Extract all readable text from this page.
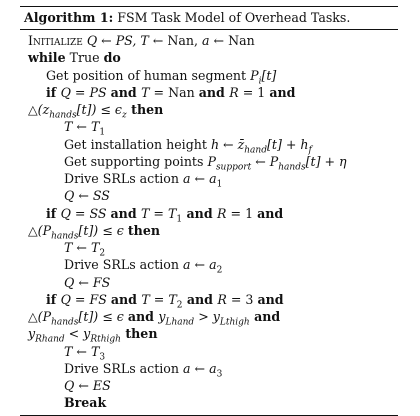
Algorithm 1: FSM Task Model of Overhead Tasks.
Initialize Q ← PS, T ← Nan, a ← Nan
while True do
Get position of human segment $P_i[t]$
if Q = PS and T = Nan and R = 1 and
$\triangle(z_{hands}[t]) \le \epsilon_z$ then
T ← $T_1$
Get installation height h ← $z̄_{hand}[t] + h_f$
Get supporting points $P_{support}$ ← $P_{hands}[t] + \eta$
Drive SRLs action a ← $a_1$
Q ← SS
if Q = SS and $T = T_1$ and R = 1 and
$\triangle(P_{hands}[t]) \le \epsilon$ then
T ← $T_2$
Drive SRLs action a ← $a_2$
Q ← FS
if Q = FS and $T = T_2$ and R = 3 and
$\triangle(P_{hands}[t]) \le \epsilon$ and $y_{Lhand} > y_{Lthigh}$ and
$y_{Rhand} < y_{Rthigh}$ then
T ← $T_3$
Drive SRLs action a ← $a_3$
Q ← ES
Break
